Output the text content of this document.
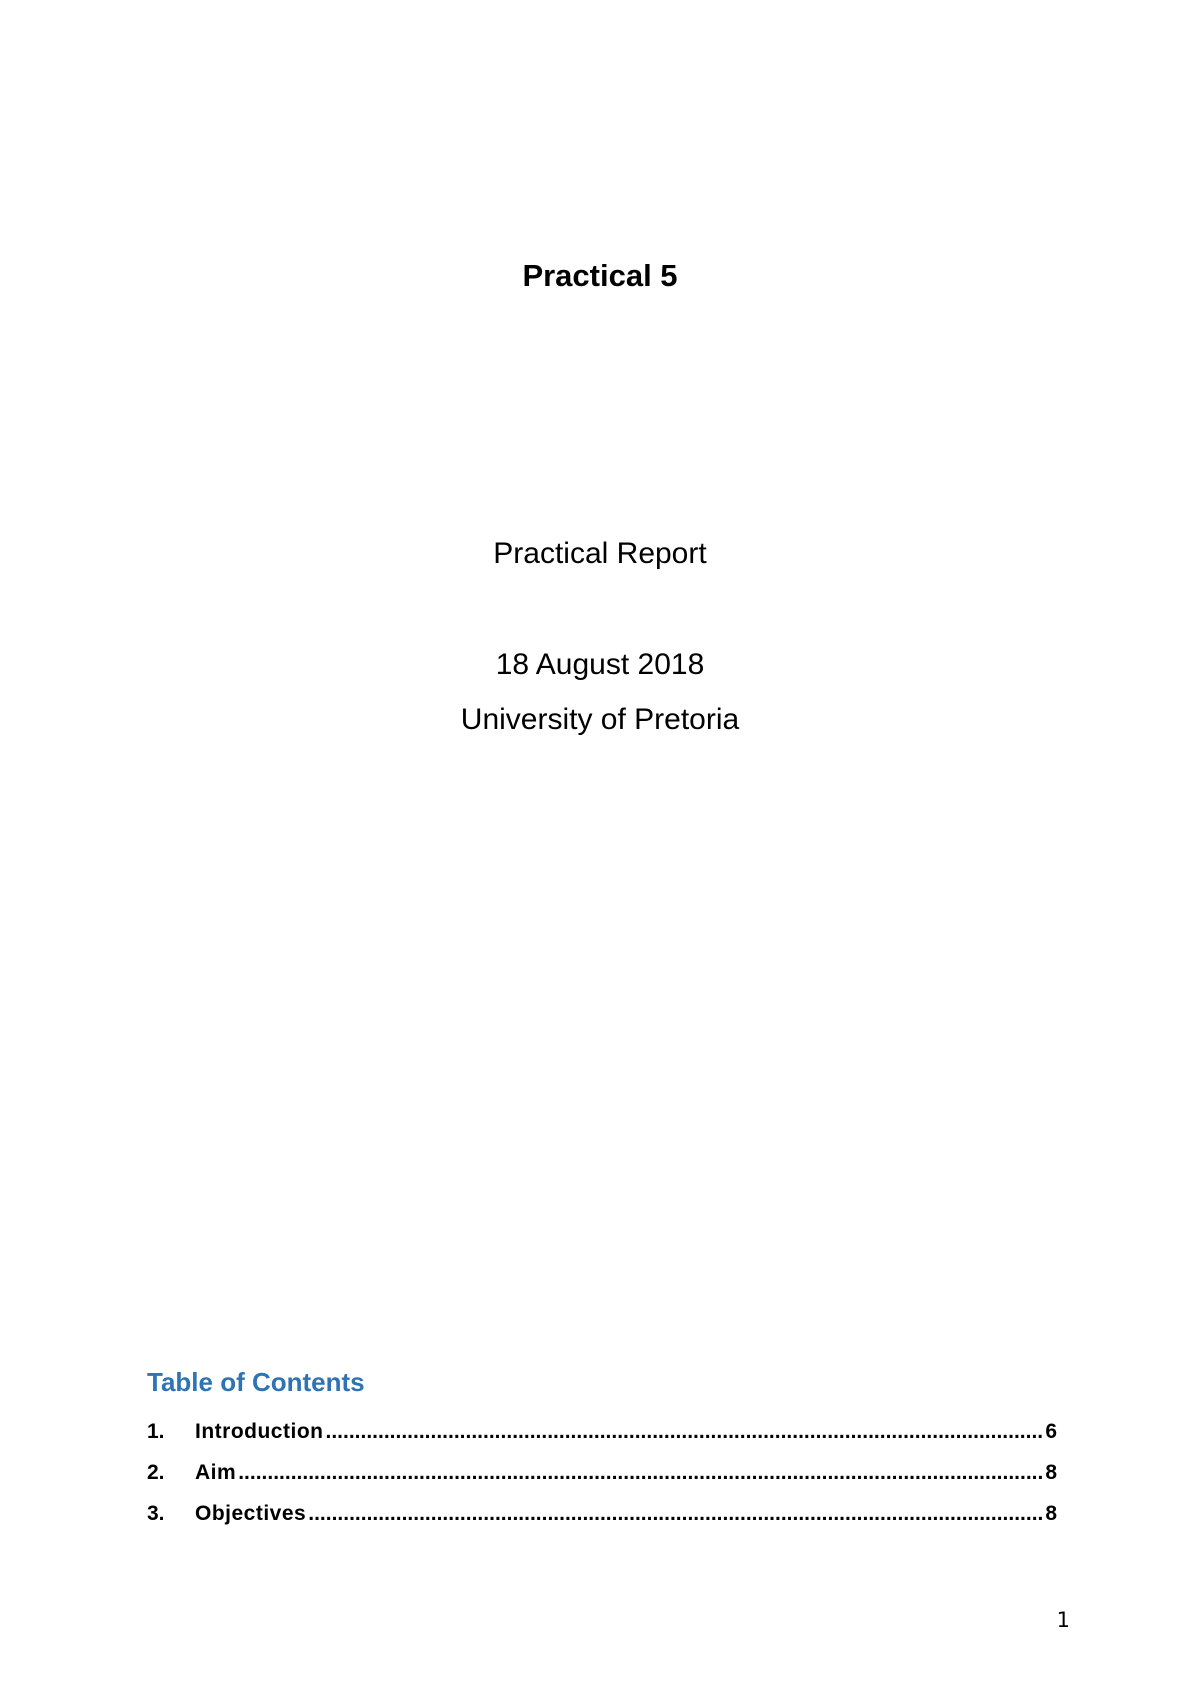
Practical 5
Practical Report
18 August 2018
University of Pretoria
Table of Contents
1.	Introduction .....	6
2.	Aim .....	8
3.	Objectives .....	8
1
